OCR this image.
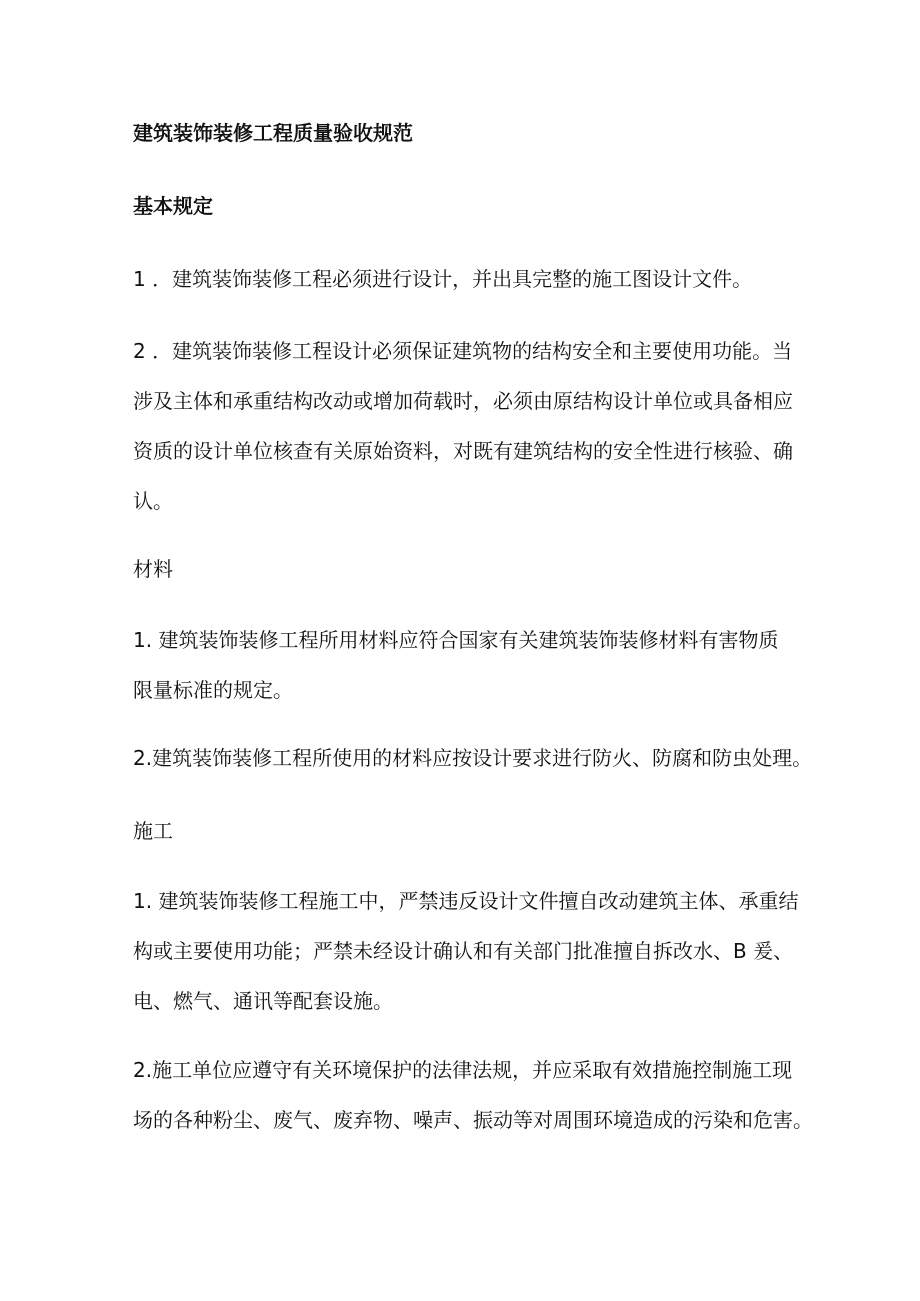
建筑装饰装修工程质量验收规范

基本规定

1 ．建筑装饰装修工程必须进行设计，并出具完整的施工图设计文件。

2 ．建筑装饰装修工程设计必须保证建筑物的结构安全和主要使用功能。当
涉及主体和承重结构改动或增加荷载时，必须由原结构设计单位或具备相应
资质的设计单位核查有关原始资料，对既有建筑结构的安全性进行核验、确
认。

材料

1. 建筑装饰装修工程所用材料应符合国家有关建筑装饰装修材料有害物质
限量标准的规定。

2.建筑装饰装修工程所使用的材料应按设计要求进行防火、防腐和防虫处理。

施工

1. 建筑装饰装修工程施工中，严禁违反设计文件擅自改动建筑主体、承重结
构或主要使用功能；严禁未经设计确认和有关部门批准擅自拆改水、B 爰、
电、燃气、通讯等配套设施。

2.施工单位应遵守有关环境保护的法律法规，并应采取有效措施控制施工现
场的各种粉尘、废气、废弃物、噪声、振动等对周围环境造成的污染和危害。
